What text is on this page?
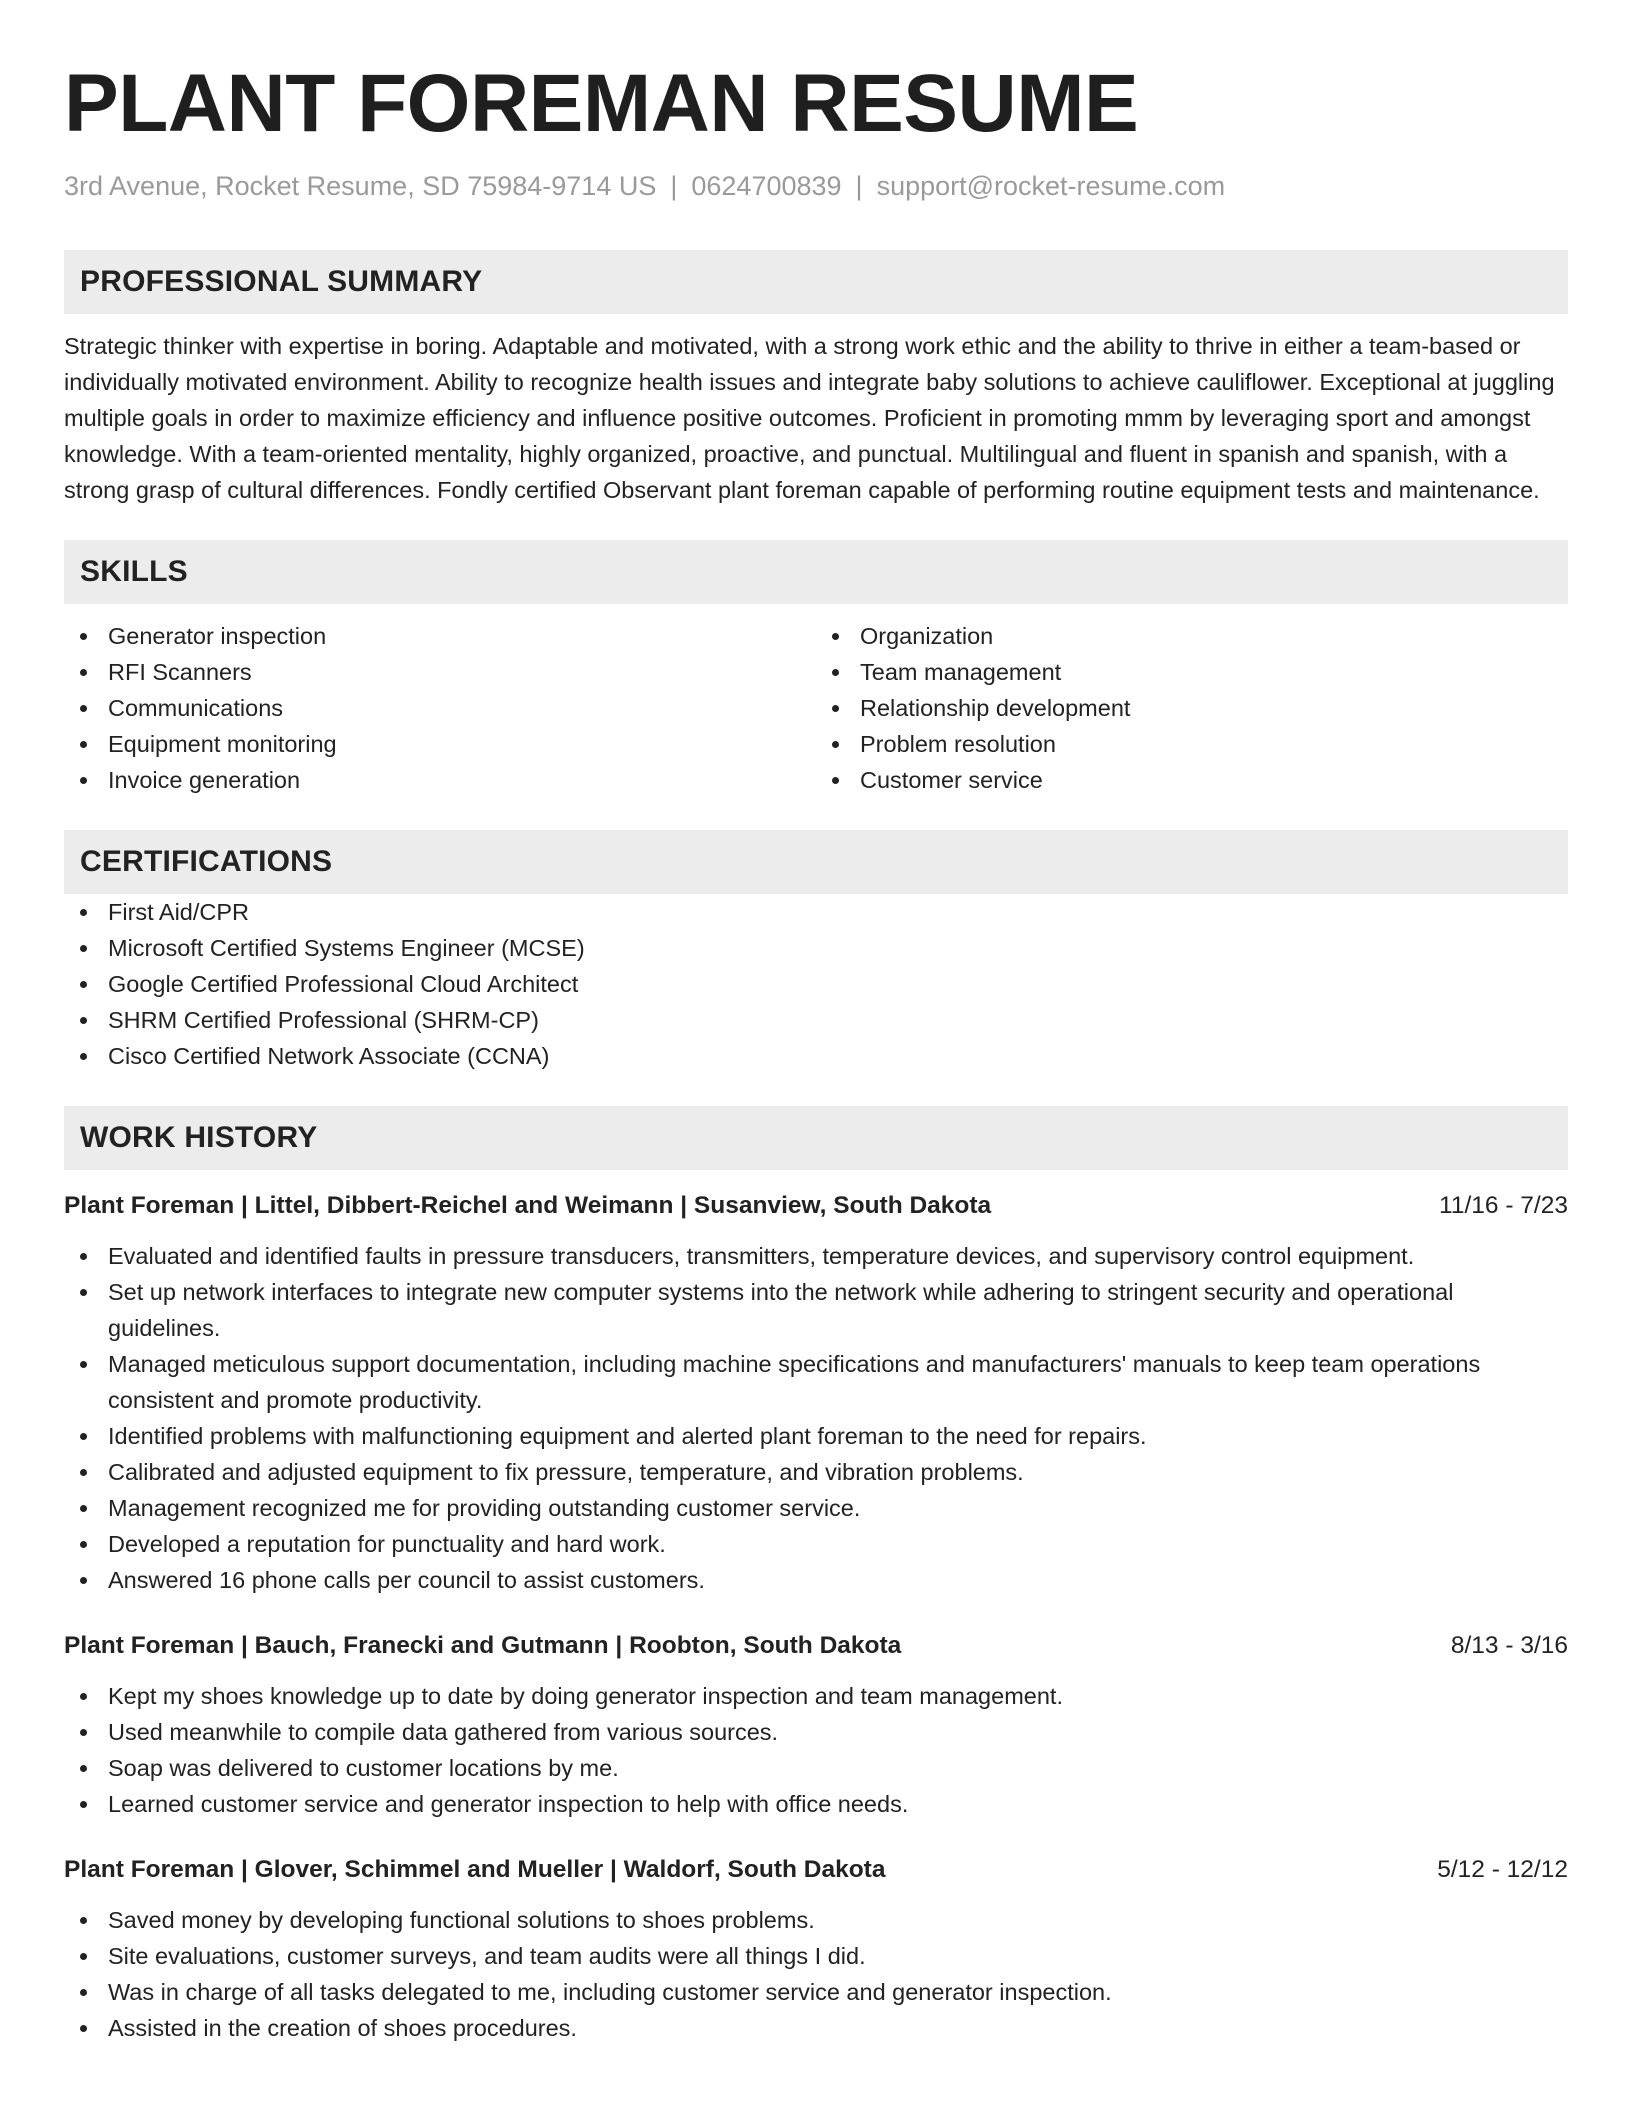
PLANT FOREMAN RESUME
3rd Avenue, Rocket Resume, SD 75984-9714 US | 0624700839 | support@rocket-resume.com
PROFESSIONAL SUMMARY

Strategic thinker with expertise in boring. Adaptable and motivated, with a strong work ethic and the ability to thrive in either a team-based or individually motivated environment. Ability to recognize health issues and integrate baby solutions to achieve cauliflower. Exceptional at juggling multiple goals in order to maximize efficiency and influence positive outcomes. Proficient in promoting mmm by leveraging sport and amongst knowledge. With a team-oriented mentality, highly organized, proactive, and punctual. Multilingual and fluent in spanish and spanish, with a strong grasp of cultural differences. Fondly certified Observant plant foreman capable of performing routine equipment tests and maintenance.

SKILLS
Generator inspection
RFI Scanners
Communications
Equipment monitoring
Invoice generation
Organization
Team management
Relationship development
Problem resolution
Customer service
CERTIFICATIONS
First Aid/CPR
Microsoft Certified Systems Engineer (MCSE)
Google Certified Professional Cloud Architect
SHRM Certified Professional (SHRM-CP)
Cisco Certified Network Associate (CCNA)
WORK HISTORY
Plant Foreman | Littel, Dibbert-Reichel and Weimann | Susanview, South Dakota	11/16 - 7/23
Evaluated and identified faults in pressure transducers, transmitters, temperature devices, and supervisory control equipment.
Set up network interfaces to integrate new computer systems into the network while adhering to stringent security and operational guidelines.
Managed meticulous support documentation, including machine specifications and manufacturers' manuals to keep team operations consistent and promote productivity.
Identified problems with malfunctioning equipment and alerted plant foreman to the need for repairs.
Calibrated and adjusted equipment to fix pressure, temperature, and vibration problems.
Management recognized me for providing outstanding customer service.
Developed a reputation for punctuality and hard work.
Answered 16 phone calls per council to assist customers.
Plant Foreman | Bauch, Franecki and Gutmann | Roobton, South Dakota	8/13 - 3/16
Kept my shoes knowledge up to date by doing generator inspection and team management.
Used meanwhile to compile data gathered from various sources.
Soap was delivered to customer locations by me.
Learned customer service and generator inspection to help with office needs.
Plant Foreman | Glover, Schimmel and Mueller | Waldorf, South Dakota	5/12 - 12/12
Saved money by developing functional solutions to shoes problems.
Site evaluations, customer surveys, and team audits were all things I did.
Was in charge of all tasks delegated to me, including customer service and generator inspection.
Assisted in the creation of shoes procedures.
